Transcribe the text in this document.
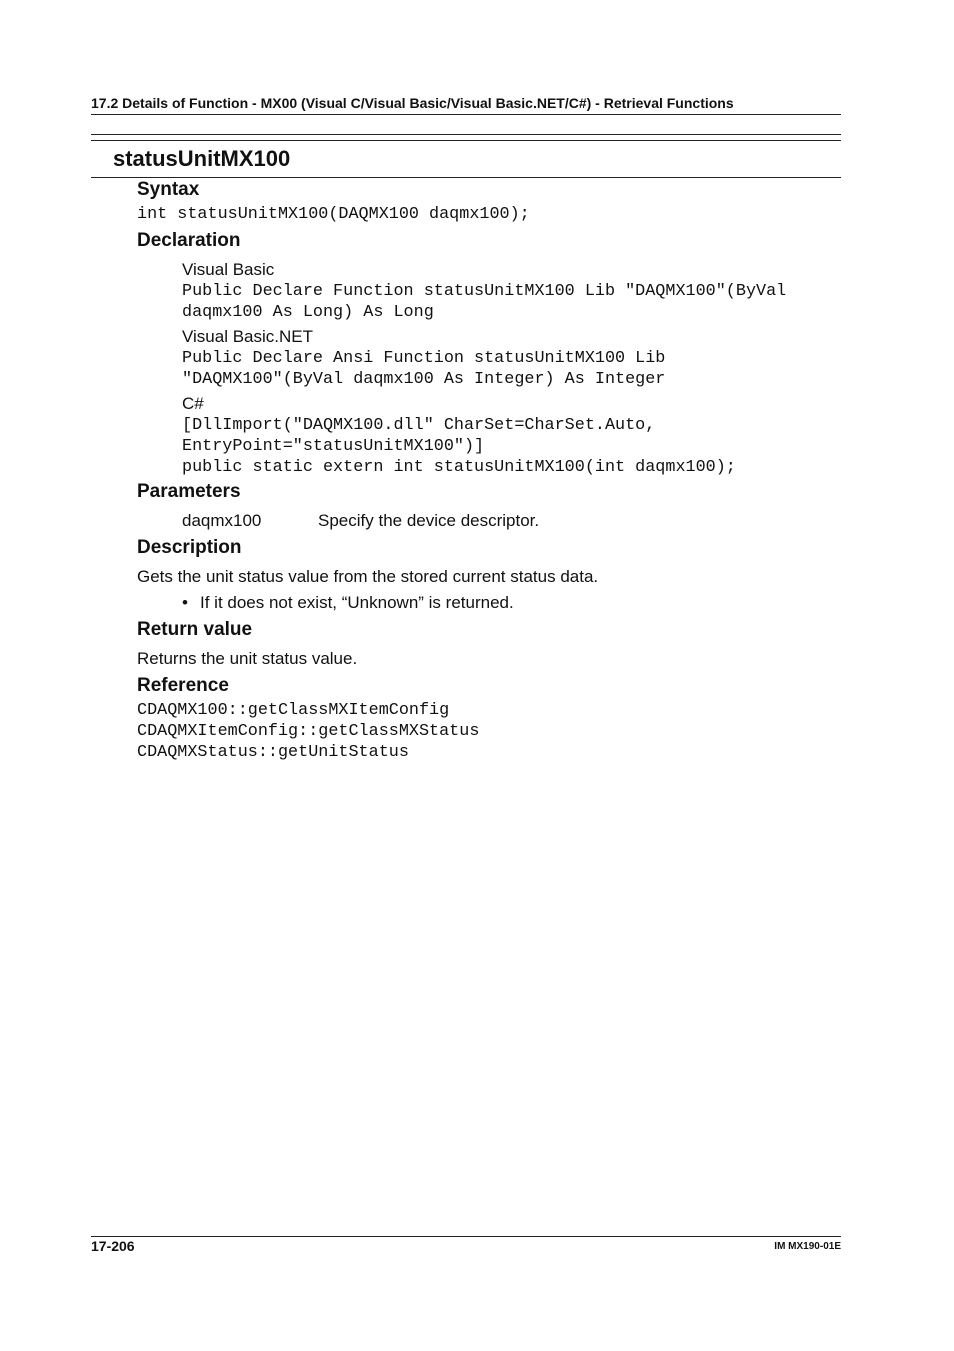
17.2 Details of Function - MX00 (Visual C/Visual Basic/Visual Basic.NET/C#) - Retrieval Functions
statusUnitMX100
Syntax
int statusUnitMX100(DAQMX100 daqmx100);
Declaration

Visual Basic

Public Declare Function statusUnitMX100 Lib "DAQMX100"(ByVal
daqmx100 As Long) As Long

Visual Basic.NET

Public Declare Ansi Function statusUnitMX100 Lib
"DAQMX100"(ByVal daqmx100 As Integer) As Integer

C#

[DllImport("DAQMX100.dll" CharSet=CharSet.Auto,
EntryPoint="statusUnitMX100")]
public static extern int statusUnitMX100(int daqmx100);
Parameters
daqmx100	Specify the device descriptor.
Description

Gets the unit status value from the stored current status data.

• If it does not exist, “Unknown” is returned.
Return value

Returns the unit status value.

Reference
CDAQMX100::getClassMXItemConfig
CDAQMXItemConfig::getClassMXStatus
CDAQMXStatus::getUnitStatus
17-206	IM MX190-01E
